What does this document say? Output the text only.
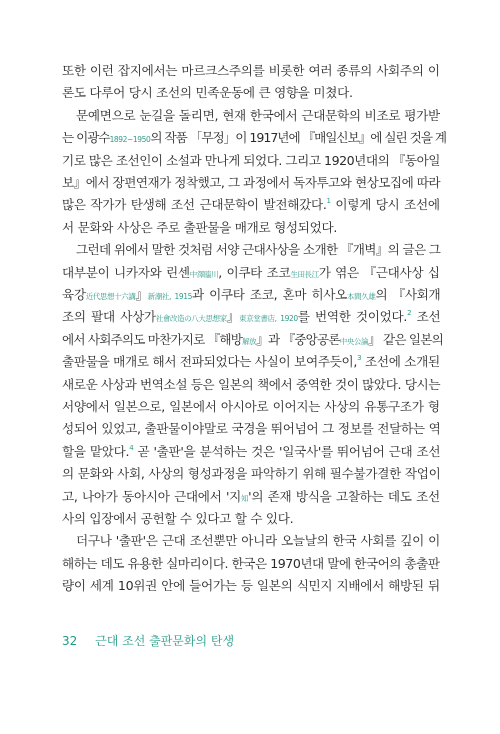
또한 이런 잡지에서는 마르크스주의를 비롯한 여러 종류의 사회주의 이
론도 다루어 당시 조선의 민족운동에 큰 영향을 미쳤다.
문예면으로 눈길을 돌리면, 현재 한국에서 근대문학의 비조로 평가받
는 이광수1892~1950의 작품 「무정」이 1917년에 『매일신보』에 실린 것을 계
기로 많은 조선인이 소설과 만나게 되었다. 그리고 1920년대의 『동아일
보』에서 장편연재가 정착했고, 그 과정에서 독자투고와 현상모집에 따라
많은 작가가 탄생해 조선 근대문학이 발전해갔다.$^1$ 이렇게 당시 조선에
서 문화와 사상은 주로 출판물을 매개로 형성되었다.
그런데 위에서 말한 것처럼 서양 근대사상을 소개한 『개벽』의 글은 그
대부분이 니카자와 린센中澤臨川, 이쿠타 조코生田長江가 엮은 『근대사상 십
육강近代思想十六講』新潮社, 1915과 이쿠타 조코, 혼마 히사오本間久雄의 『사회개
조의 팔대 사상가社會改造の八大思想家』東京堂書店, 1920를 번역한 것이었다.$^2$ 조선
에서 사회주의도 마찬가지로 『해방解放』과 『중앙공론中央公論』 같은 일본의
출판물을 매개로 해서 전파되었다는 사실이 보여주듯이,$^3$ 조선에 소개된
새로운 사상과 번역소설 등은 일본의 책에서 중역한 것이 많았다. 당시는
서양에서 일본으로, 일본에서 아시아로 이어지는 사상의 유통구조가 형
성되어 있었고, 출판물이야말로 국경을 뛰어넘어 그 정보를 전달하는 역
할을 맡았다.$^4$ 곧 '출판'을 분석하는 것은 '일국사'를 뛰어넘어 근대 조선
의 문화와 사회, 사상의 형성과정을 파악하기 위해 필수불가결한 작업이
고, 나아가 동아시아 근대에서 '지知'의 존재 방식을 고찰하는 데도 조선
사의 입장에서 공헌할 수 있다고 할 수 있다.
더구나 '출판'은 근대 조선뿐만 아니라 오늘날의 한국 사회를 깊이 이
해하는 데도 유용한 실마리이다. 한국은 1970년대 말에 한국어의 총출판
량이 세계 10위권 안에 들어가는 등 일본의 식민지 지배에서 해방된 뒤
32 근대 조선 출판문화의 탄생
